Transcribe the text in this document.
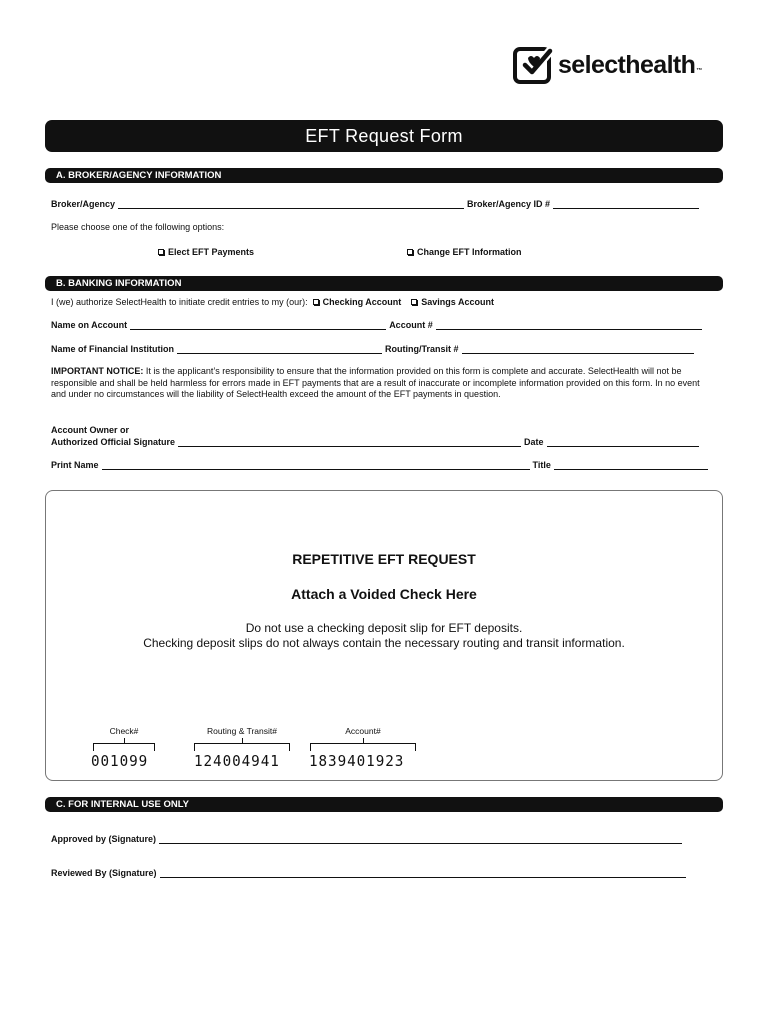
selecthealth ™
EFT Request Form
A. BROKER/AGENCY INFORMATION
Broker/Agency	Broker/Agency ID #
Please choose one of the following options:
Elect EFT Payments	Change EFT Information
B. BANKING INFORMATION
I (we) authorize SelectHealth to initiate credit entries to my (our): Checking Account Savings Account
Name on Account	Account #
Name of Financial Institution	Routing/Transit #
IMPORTANT NOTICE: It is the applicant’s responsibility to ensure that the information provided on this form is complete and accurate. SelectHealth will not be responsible and shall be held harmless for errors made in EFT payments that are a result of inaccurate or incomplete information provided on this form. In no event and under no circumstances will the liability of SelectHealth exceed the amount of the EFT payments in question.
Account Owner or
Authorized Official Signature	Date
Print Name	Title
REPETITIVE EFT REQUEST
Attach a Voided Check Here
Do not use a checking deposit slip for EFT deposits.
Checking deposit slips do not always contain the necessary routing and transit information.
Check#	Routing & Transit#	Account#
001099	124004941 1839401923
C. FOR INTERNAL USE ONLY
Approved by (Signature)
Reviewed By (Signature)
